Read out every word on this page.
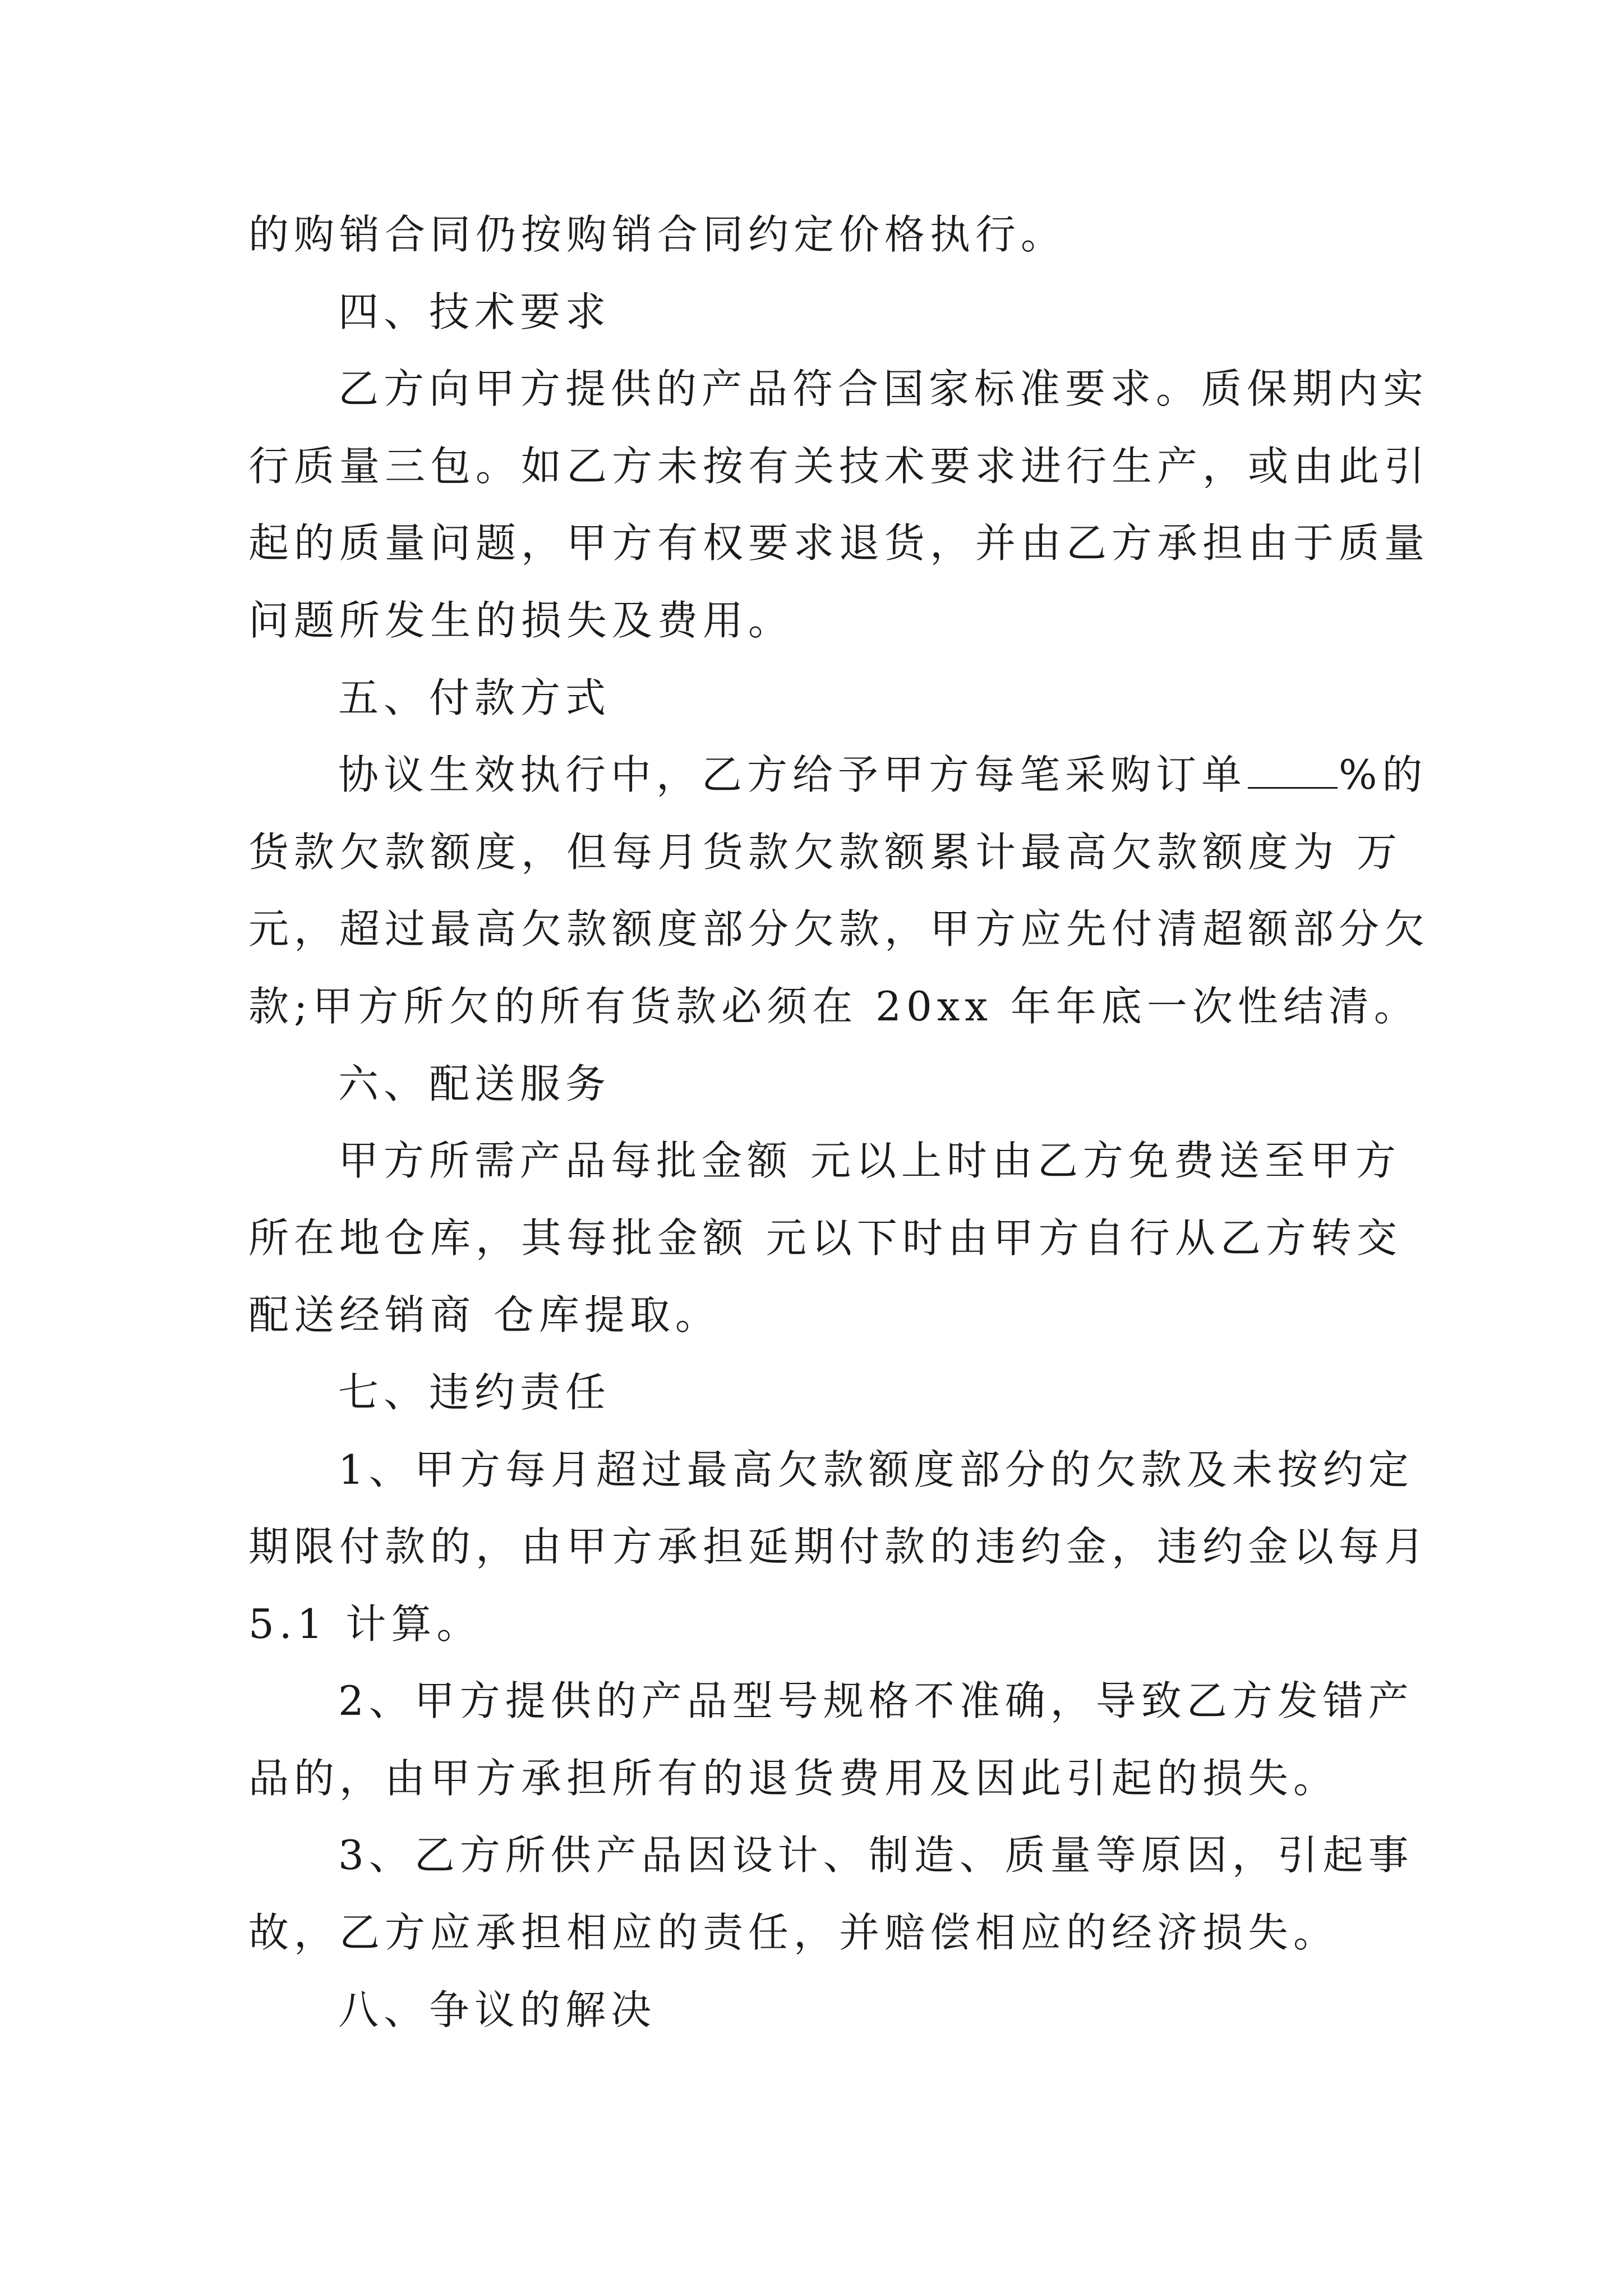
的购销合同仍按购销合同约定价格执行。
四、技术要求
乙方向甲方提供的产品符合国家标准要求。质保期内实
行质量三包。如乙方未按有关技术要求进行生产，或由此引
起的质量问题，甲方有权要求退货，并由乙方承担由于质量
问题所发生的损失及费用。
五、付款方式
协议生效执行中，乙方给予甲方每笔采购订单 %的
货款欠款额度，但每月货款欠款额累计最高欠款额度为 万
元，超过最高欠款额度部分欠款，甲方应先付清超额部分欠
款;甲方所欠的所有货款必须在 20xx 年年底一次性结清。
六、配送服务
甲方所需产品每批金额 元以上时由乙方免费送至甲方
所在地仓库，其每批金额 元以下时由甲方自行从乙方转交
配送经销商 仓库提取。
七、违约责任
1、甲方每月超过最高欠款额度部分的欠款及未按约定
期限付款的，由甲方承担延期付款的违约金，违约金以每月
5.1 计算。
2、甲方提供的产品型号规格不准确，导致乙方发错产
品的，由甲方承担所有的退货费用及因此引起的损失。
3、乙方所供产品因设计、制造、质量等原因，引起事
故，乙方应承担相应的责任，并赔偿相应的经济损失。
八、争议的解决
